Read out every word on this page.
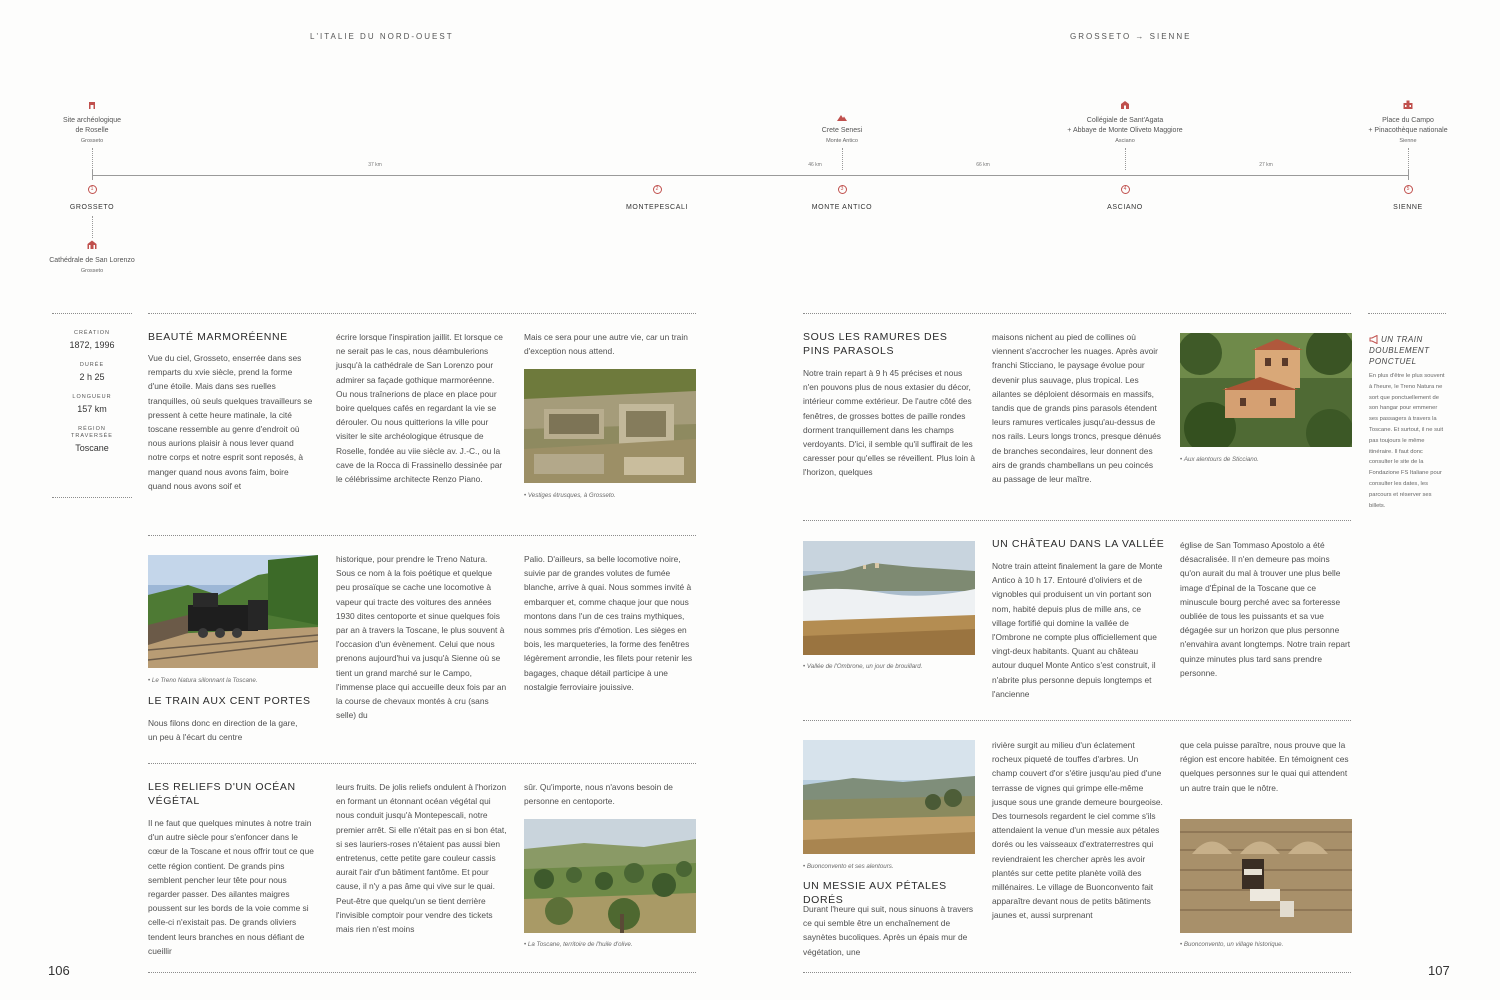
L'ITALIE DU NORD-OUEST	GROSSETO → SIENNE
37 km	46 km	66 km	27 km
1	2	3	4	5
GROSSETO	MONTEPESCALI	MONTE ANTICO	ASCIANO	SIENNE
Site archéologique
de Roselle
Grosseto
Crete Senesi
Monte Antico
Collégiale de Sant'Agata
+ Abbaye de Monte Oliveto Maggiore
Asciano
Place du Campo
+ Pinacothèque nationale
Sienne
Cathédrale de San Lorenzo
Grosseto
CRÉATION
1872, 1996
DURÉE
2 h 25
LONGUEUR
157 km
RÉGION TRAVERSÉE
Toscane
BEAUTÉ MARMORÉENNE
Vue du ciel, Grosseto, enserrée dans ses remparts du xvie siècle, prend la forme d'une étoile. Mais dans ses ruelles tranquilles, où seuls quelques travailleurs se pressent à cette heure matinale, la cité toscane ressemble au genre d'endroit où nous aurions plaisir à nous lever quand notre corps et notre esprit sont reposés, à manger quand nous avons faim, boire quand nous avons soif et
écrire lorsque l'inspiration jaillit. Et lorsque ce ne serait pas le cas, nous déambulerions jusqu'à la cathédrale de San Lorenzo pour admirer sa façade gothique marmoréenne. Ou nous traînerions de place en place pour boire quelques cafés en regardant la vie se dérouler. Ou nous quitterions la ville pour visiter le site archéologique étrusque de Roselle, fondée au viie siècle av. J.-C., ou la cave de la Rocca di Frassinello dessinée par le célébrissime architecte Renzo Piano.
Mais ce sera pour une autre vie, car un train d'exception nous attend.
• Vestiges étrusques, à Grosseto.
• Le Treno Natura sillonnant la Toscane.
LE TRAIN AUX CENT PORTES
Nous filons donc en direction de la gare, un peu à l'écart du centre
historique, pour prendre le Treno Natura. Sous ce nom à la fois poétique et quelque peu prosaïque se cache une locomotive à vapeur qui tracte des voitures des années 1930 dites centoporte et sinue quelques fois par an à travers la Toscane, le plus souvent à l'occasion d'un évènement. Celui que nous prenons aujourd'hui va jusqu'à Sienne où se tient un grand marché sur le Campo, l'immense place qui accueille deux fois par an la course de chevaux montés à cru (sans selle) du
Palio. D'ailleurs, sa belle locomotive noire, suivie par de grandes volutes de fumée blanche, arrive à quai. Nous sommes invité à embarquer et, comme chaque jour que nous montons dans l'un de ces trains mythiques, nous sommes pris d'émotion. Les sièges en bois, les marqueteries, la forme des fenêtres légèrement arrondie, les filets pour retenir les bagages, chaque détail participe à une nostalgie ferroviaire jouissive.
LES RELIEFS D'UN OCÉAN VÉGÉTAL
Il ne faut que quelques minutes à notre train d'un autre siècle pour s'enfoncer dans le cœur de la Toscane et nous offrir tout ce que cette région contient. De grands pins semblent pencher leur tête pour nous regarder passer. Des ailantes maigres poussent sur les bords de la voie comme si celle-ci n'existait pas. De grands oliviers tendent leurs branches en nous défiant de cueillir
leurs fruits. De jolis reliefs ondulent à l'horizon en formant un étonnant océan végétal qui nous conduit jusqu'à Montepescali, notre premier arrêt. Si elle n'était pas en si bon état, si ses lauriers-roses n'étaient pas aussi bien entretenus, cette petite gare couleur cassis aurait l'air d'un bâtiment fantôme. Et pour cause, il n'y a pas âme qui vive sur le quai. Peut-être que quelqu'un se tient derrière l'invisible comptoir pour vendre des tickets mais rien n'est moins
sûr. Qu'importe, nous n'avons besoin de personne en centoporte.
• La Toscane, territoire de l'huile d'olive.
106
SOUS LES RAMURES DES PINS PARASOLS
Notre train repart à 9 h 45 précises et nous n'en pouvons plus de nous extasier du décor, intérieur comme extérieur. De l'autre côté des fenêtres, de grosses bottes de paille rondes dorment tranquillement dans les champs verdoyants. D'ici, il semble qu'il suffirait de les caresser pour qu'elles se réveillent. Plus loin à l'horizon, quelques
maisons nichent au pied de collines où viennent s'accrocher les nuages. Après avoir franchi Sticciano, le paysage évolue pour devenir plus sauvage, plus tropical. Les ailantes se déploient désormais en massifs, tandis que de grands pins parasols étendent leurs ramures verticales jusqu'au-dessus de nos rails. Leurs longs troncs, presque dénués de branches secondaires, leur donnent des airs de grands chambellans un peu coincés au passage de leur maître.
• Aux alentours de Sticciano.
• Vallée de l'Ombrone, un jour de brouillard.
UN CHÂTEAU DANS LA VALLÉE
Notre train atteint finalement la gare de Monte Antico à 10 h 17. Entouré d'oliviers et de vignobles qui produisent un vin portant son nom, habité depuis plus de mille ans, ce village fortifié qui domine la vallée de l'Ombrone ne compte plus officiellement que vingt-deux habitants. Quant au château autour duquel Monte Antico s'est construit, il n'abrite plus personne depuis longtemps et l'ancienne
église de San Tommaso Apostolo a été désacralisée. Il n'en demeure pas moins qu'on aurait du mal à trouver une plus belle image d'Épinal de la Toscane que ce minuscule bourg perché avec sa forteresse oubliée de tous les puissants et sa vue dégagée sur un horizon que plus personne n'envahira avant longtemps. Notre train repart quinze minutes plus tard sans prendre personne.
• Buonconvento et ses alentours.
UN MESSIE AUX PÉTALES DORÉS
Durant l'heure qui suit, nous sinuons à travers ce qui semble être un enchaînement de saynètes bucoliques. Après un épais mur de végétation, une
rivière surgit au milieu d'un éclatement rocheux piqueté de touffes d'arbres. Un champ couvert d'or s'étire jusqu'au pied d'une terrasse de vignes qui grimpe elle-même jusque sous une grande demeure bourgeoise. Des tournesols regardent le ciel comme s'ils attendaient la venue d'un messie aux pétales dorés ou les vaisseaux d'extraterrestres qui reviendraient les chercher après les avoir plantés sur cette petite planète voilà des millénaires. Le village de Buonconvento fait apparaître devant nous de petits bâtiments jaunes et, aussi surprenant
que cela puisse paraître, nous prouve que la région est encore habitée. En témoignent ces quelques personnes sur le quai qui attendent un autre train que le nôtre.
• Buonconvento, un village historique.
UN TRAIN DOUBLEMENT PONCTUEL
En plus d'être le plus souvent à l'heure, le Treno Natura ne sort que ponctuellement de son hangar pour emmener ses passagers à travers la Toscane. Et surtout, il ne suit pas toujours le même itinéraire. Il faut donc consulter le site de la Fondazione FS Italiane pour consulter les dates, les parcours et réserver ses billets.
107
